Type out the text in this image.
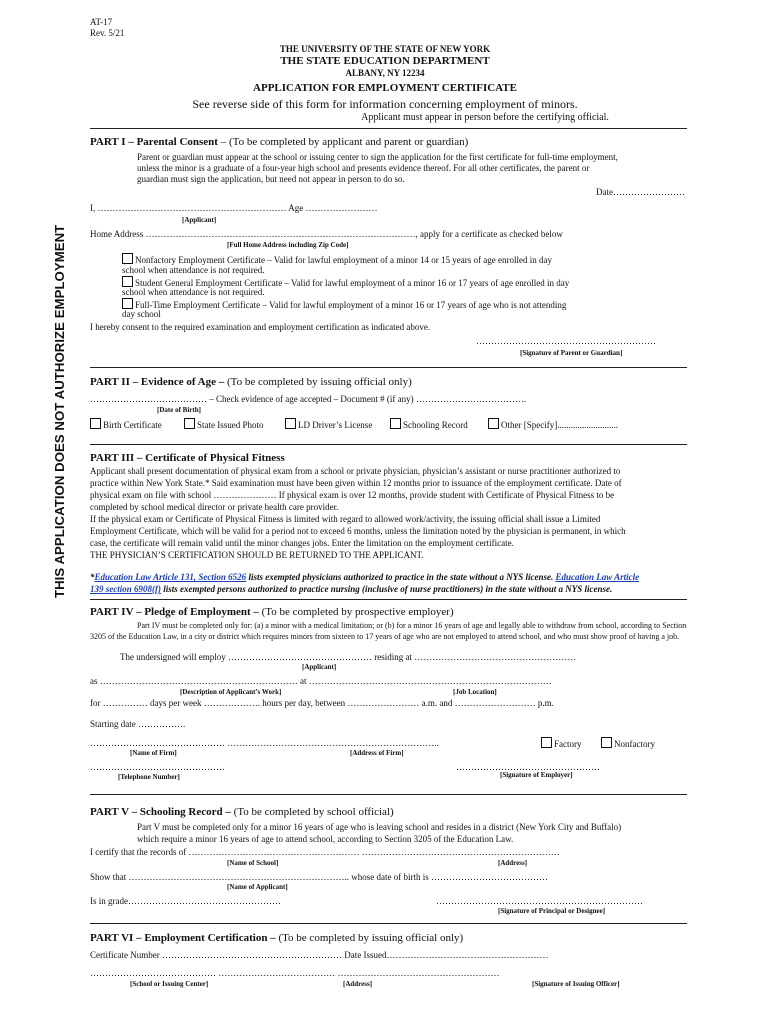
THIS APPLICATION DOES NOT AUTHORIZE EMPLOYMENT
AT-17
Rev. 5/21
THE UNIVERSITY OF THE STATE OF NEW YORK
THE STATE EDUCATION DEPARTMENT
ALBANY, NY 12234
APPLICATION FOR EMPLOYMENT CERTIFICATE
See reverse side of this form for information concerning employment of minors.
Applicant must appear in person before the certifying official.
PART I – Parental Consent – (To be completed by applicant and parent or guardian)
Parent or guardian must appear at the school or issuing center to sign the application for the first certificate for full-time employment,
unless the minor is a graduate of a four-year high school and presents evidence thereof. For all other certificates, the parent or
guardian must sign the application, but need not appear in person to do so.
Date……………………
I, ……………………………………………………… Age ……………………
[Applicant]
Home Address ………………………………………………………………………………, apply for a certificate as checked below
[Full Home Address including Zip Code]
Nonfactory Employment Certificate – Valid for lawful employment of a minor 14 or 15 years of age enrolled in day
school when attendance is not required.
Student General Employment Certificate – Valid for lawful employment of a minor 16 or 17 years of age enrolled in day
school when attendance is not required.
Full-Time Employment Certificate – Valid for lawful employment of a minor 16 or 17 years of age who is not attending
day school
I hereby consent to the required examination and employment certification as indicated above.
……………………………………………………
[Signature of Parent or Guardian]
PART II – Evidence of Age – (To be completed by issuing official only)
………………………………… – Check evidence of age accepted – Document # (if any) ……………………………….
[Date of Birth]
Birth Certificate	State Issued Photo	LD Driver’s License	Schooling Record	Other [Specify]...........................
PART III – Certificate of Physical Fitness
Applicant shall present documentation of physical exam from a school or private physician, physician’s assistant or nurse practitioner authorized to
practice within New York State.* Said examination must have been given within 12 months prior to issuance of the employment certificate. Date of
physical exam on file with school ………………… If physical exam is over 12 months, provide student with Certificate of Physical Fitness to be
completed by school medical director or private health care provider.
If the physical exam or Certificate of Physical Fitness is limited with regard to allowed work/activity, the issuing official shall issue a Limited
Employment Certificate, which will be valid for a period not to exceed 6 months, unless the limitation noted by the physician is permanent, in which
case, the certificate will remain valid until the minor changes jobs. Enter the limitation on the employment certificate.
THE PHYSICIAN’S CERTIFICATION SHOULD BE RETURNED TO THE APPLICANT.
*Education Law Article 131, Section 6526 lists exempted physicians authorized to practice in the state without a NYS license. Education Law Article
139 section 6908(f) lists exempted persons authorized to practice nursing (inclusive of nurse practitioners) in the state without a NYS license.
PART IV – Pledge of Employment – (To be completed by prospective employer)
Part IV must be completed only for: (a) a minor with a medical limitation; or (b) for a minor 16 years of age and legally able to withdraw from school, according to Section
3205 of the Education Law, in a city or district which requires minors from sixteen to 17 years of age who are not employed to attend school, and who must show proof of having a job.
The undersigned will employ ………………………………………… residing at ………………………………………………
[Applicant]
as ………………………………………………………… at ………………………………………………………………………
[Description of Applicant’s Work]	[Job Location]
for …………… days per week ………………. hours per day, between …………………… a.m. and ……………………… p.m.
Starting date …………….
……………………………………… ……………………………………………………………..	Factory	Nonfactory
[Name of Firm]	[Address of Firm]
………………………………………	…………………………………………
[Telephone Number]	[Signature of Employer]
PART V – Schooling Record – (To be completed by school official)
Part V must be completed only for a minor 16 years of age who is leaving school and resides in a district (New York City and Buffalo)
which require a minor 16 years of age to attend school, according to Section 3205 of the Education Law.
I certify that the records of ………………………………………………… …………………………………………………………
[Name of School]	[Address]
Show that ……………………………………………………………….. whose date of birth is …………………………………
[Name of Applicant]
Is in grade……………………………………………	……………………………………………………………
[Signature of Principal or Designee]
PART VI – Employment Certification – (To be completed by issuing official only)
Certificate Number …………………………………………………… Date Issued………………………………………………
…………………………………… ………………………………… ………………………………………………
[School or Issuing Center]	[Address]	[Signature of Issuing Officer]
